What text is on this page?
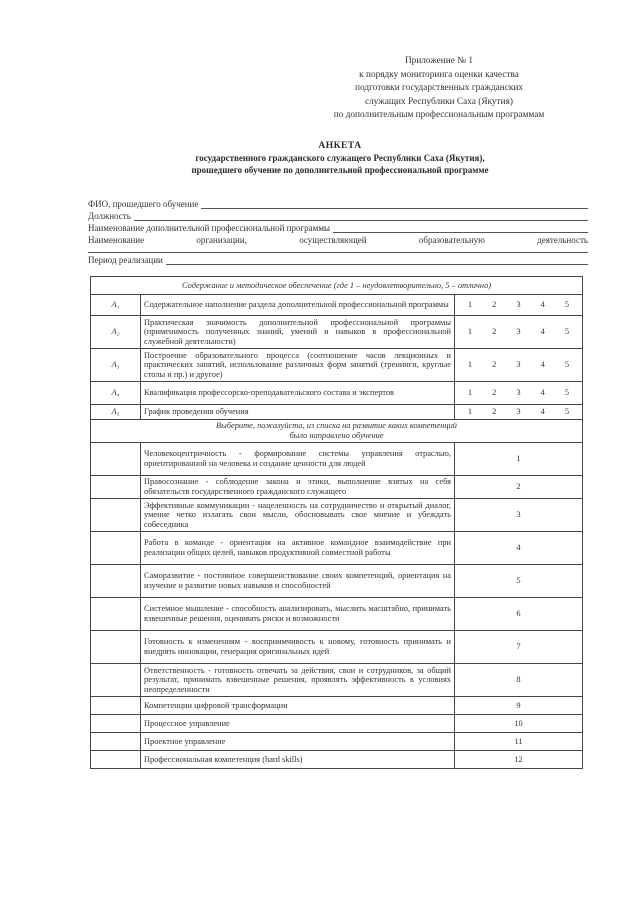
Приложение № 1
к порядку мониторинга оценки качества
подготовки государственных гражданских
служащих Республики Саха (Якутия)
по дополнительным профессиональным программам
АНКЕТА
государственного гражданского служащего Республики Саха (Якутия),
прошедшего обучение по дополнительной профессиональной программе
ФИО, прошедшего обучение
Должность
Наименование дополнительной профессиональной программы
Наименование	организации,	осуществляющей	образовательную	деятельность
Период реализации
Содержание и методическое обеспечение (где 1 – неудовлетворительно, 5 – отлично)		
A₁	Содержательное наполнение раздела дополнительной профессиональной программы	1 2 3 4 5

A₂	Практическая значимость дополнительной профессиональной программы (применимость полученных знаний, умений и навыков в профессиональной служебной деятельности)	1 2 3 4 5

A₃	Построение образовательного процесса (соотношение часов лекционных и практических занятий, использование различных форм занятий (тренинги, круглые столы и пр.) и другое)	1 2 3 4 5

A₄	Квалификация профессорско-преподавательского состава и экспертов	1 2 3 4 5

A₅	График проведения обучения	1 2 3 4 5

Выберите, пожалуйста, из списка на развитие каких компетенций
было направлено обучение		

	Человекоцентричность - формирование системы управления отраслью, ориентированной на человека и создание ценности для людей	1
	Правосознание - соблюдение закона и этики, выполнение взятых на себя обязательств государственного гражданского служащего	2
	Эффективные коммуникации - нацеленность на сотрудничество и открытый диалог, умение четко излагать свои мысли, обосновывать свое мнение и убеждать собеседника	3
	Работа в команде - ориентация на активное командное взаимодействие при реализации общих целей, навыков продуктивной совместной работы	4
	Саморазвитие - постоянное совершенствование своих компетенций, ориентация на изучение и развитие новых навыков и способностей	5
	Системное мышление - способность анализировать, мыслить масштабно, принимать взвешенные решения, оценивать риски и возможности	6
	Готовность к изменениям - восприимчивость к новому, готовность принимать и внедрять инновации, генерация оригинальных идей	7
	Ответственность - готовность отвечать за действия, свои и сотрудников, за общий результат, принимать взвешенные решения, проявлять эффективность в условиях неопределенности	8
	Компетенции цифровой трансформации	9
	Процессное управление	10
	Проектное управление	11
	Профессиональная компетенция (hard skills)	12
